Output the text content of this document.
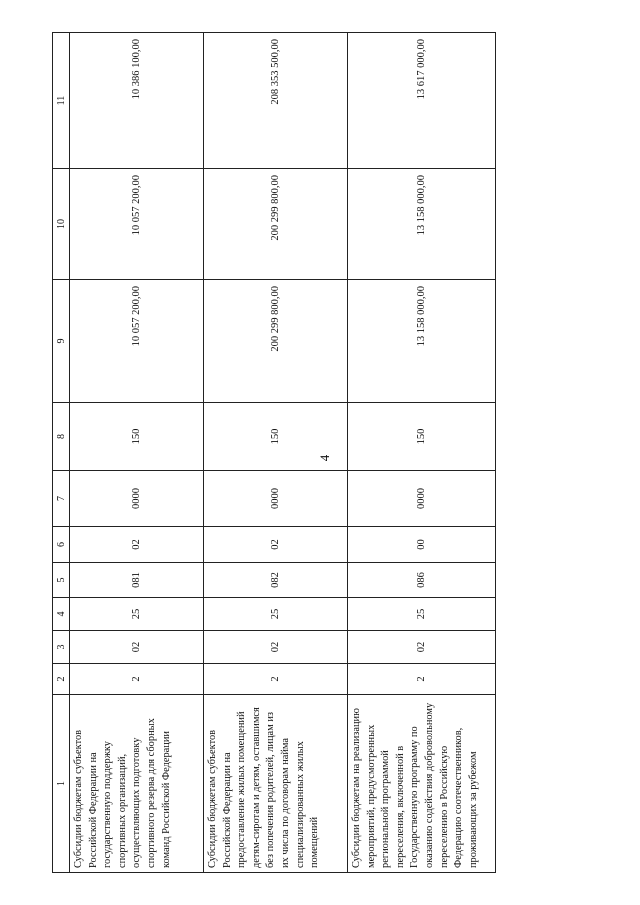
4
1	2	3	4	5	6	7	8	9	10	11
Субсидии бюджетам субъектов Российской Федерации на государственную поддержку спортивных организаций, осуществляющих подготовку спортивного резерва для сборных команд Российской Федерации	2	02	25	081	02	0000	150	10 057 200,00	10 057 200,00	10 386 100,00
Субсидии бюджетам субъектов Российской Федерации на предоставление жилых помещений детям-сиротам и детям, оставшимся без попечения родителей, лицам из их числа по договорам найма специализированных жилых помещений	2	02	25	082	02	0000	150	200 299 800,00	200 299 800,00	208 353 500,00
Субсидии бюджетам на реализацию мероприятий, предусмотренных региональной программой переселения, включенной в Государственную программу по оказанию содействия добровольному переселению в Российскую Федерацию соотечественников, проживающих за рубежом	2	02	25	086	00	0000	150	13 158 000,00	13 158 000,00	13 617 000,00
